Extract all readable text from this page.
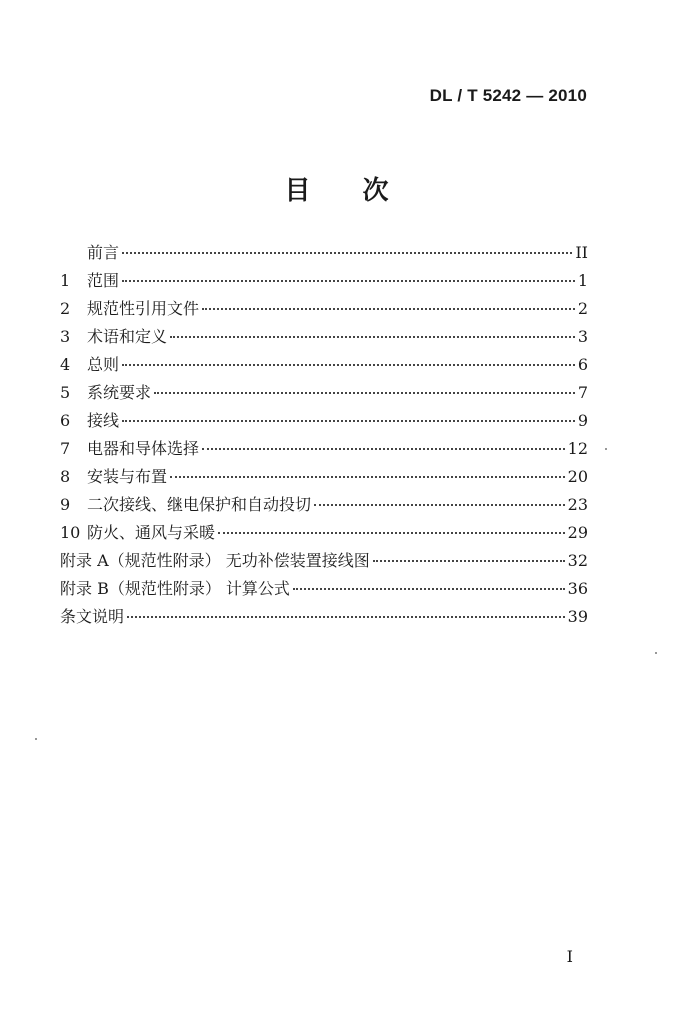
DL / T 5242 — 2010
目次
前言	II
1	范围	1
2	规范性引用文件	2
3	术语和定义	3
4	总则	6
5	系统要求	7
6	接线	9
7	电器和导体选择	12
8	安装与布置	20
9	二次接线、继电保护和自动投切	23
10 防火、通风与采暖	29
附录 A（规范性附录） 无功补偿装置接线图	32
附录 B（规范性附录） 计算公式	36
条文说明	39
I
